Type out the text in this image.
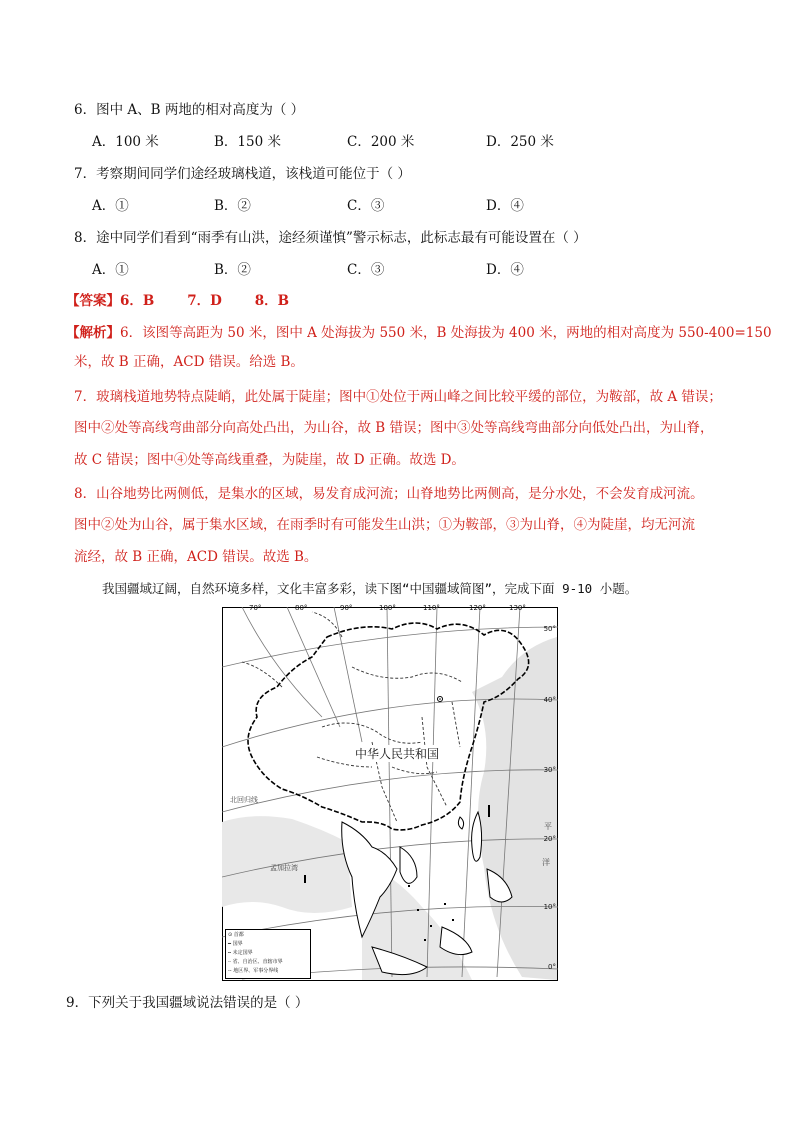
6．图中 A、B 两地的相对高度为（ ）
A．100 米	B．150 米	C．200 米	D．250 米
7．考察期间同学们途经玻璃栈道，该栈道可能位于（ ）
A．①	B．②	C．③	D．④
8．途中同学们看到“雨季有山洪，途经须谨慎”警示标志，此标志最有可能设置在（ ）
A．①	B．②	C．③	D．④
【答案】6．B       7．D       8．B
【解析】6．该图等高距为 50 米，图中 A 处海拔为 550 米，B 处海拔为 400 米，两地的相对高度为 550-400=150
米，故 B 正确，ACD 错误。给选 B。
7．玻璃栈道地势特点陡峭，此处属于陡崖；图中①处位于两山峰之间比较平缓的部位，为鞍部，故 A 错误；
图中②处等高线弯曲部分向高处凸出，为山谷，故 B 错误；图中③处等高线弯曲部分向低处凸出，为山脊，
故 C 错误；图中④处等高线重叠，为陡崖，故 D 正确。故选 D。
8．山谷地势比两侧低，是集水的区域，易发育成河流；山脊地势比两侧高，是分水处，不会发育成河流。
图中②处为山谷，属于集水区域，在雨季时有可能发生山洪；①为鞍部，③为山脊，④为陡崖，均无河流
流经，故 B 正确，ACD 错误。故选 B。
我国疆域辽阔，自然环境多样，文化丰富多彩，读下图“中国疆域简图”，完成下面 9-10 小题。
70°	80°	90°	100°	110°	120°	130°
50°
40°
30°
20°
10°
0°
中华人民共和国
北回归线
孟加拉湾
平
洋
⊙ 首都
━ 国界
┅ 未定国界
┄ 省、自治区、直辖市界
-- 地区界、军事分界线
9．下列关于我国疆域说法错误的是（ ）
